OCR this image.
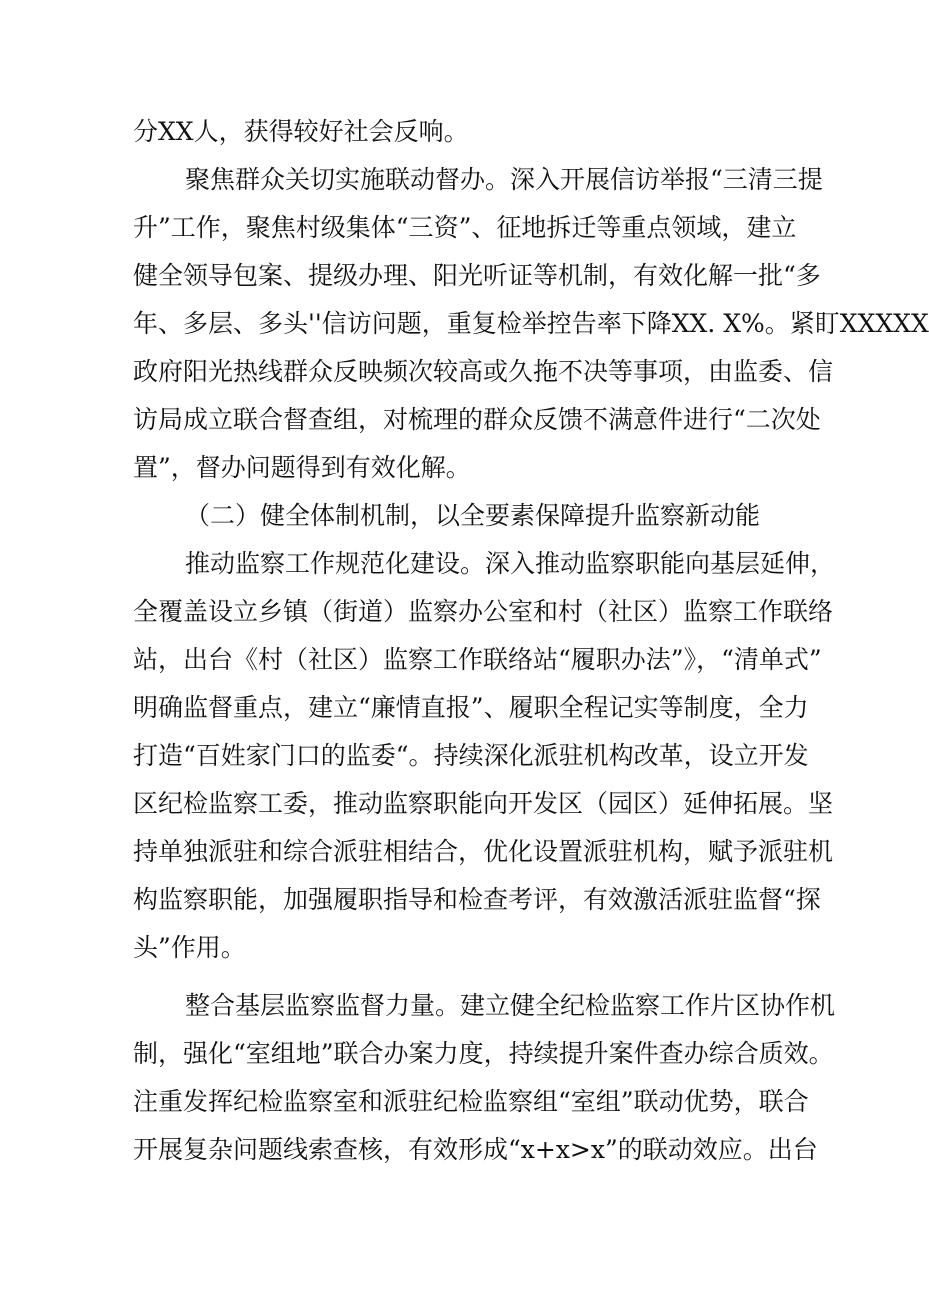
分XX人，获得较好社会反响。
聚焦群众关切实施联动督办。深入开展信访举报“三清三提
升”工作，聚焦村级集体“三资”、征地拆迁等重点领域，建立
健全领导包案、提级办理、阳光听证等机制，有效化解一批“多
年、多层、多头''信访问题，重复检举控告率下降XX. X%。紧盯XXXXX
政府阳光热线群众反映频次较高或久拖不决等事项，由监委、信
访局成立联合督查组，对梳理的群众反馈不满意件进行“二次处
置”，督办问题得到有效化解。
（二）健全体制机制，以全要素保障提升监察新动能
推动监察工作规范化建设。深入推动监察职能向基层延伸，
全覆盖设立乡镇（街道）监察办公室和村（社区）监察工作联络
站，出台《村（社区）监察工作联络站“履职办法”》，“清单式”
明确监督重点，建立“廉情直报”、履职全程记实等制度，全力
打造“百姓家门口的监委“。持续深化派驻机构改革，设立开发
区纪检监察工委，推动监察职能向开发区（园区）延伸拓展。坚
持单独派驻和综合派驻相结合，优化设置派驻机构，赋予派驻机
构监察职能，加强履职指导和检查考评，有效激活派驻监督“探
头”作用。
整合基层监察监督力量。建立健全纪检监察工作片区协作机
制，强化“室组地”联合办案力度，持续提升案件查办综合质效。
注重发挥纪检监察室和派驻纪检监察组“室组”联动优势，联合
开展复杂问题线索查核，有效形成“x+x>x”的联动效应。出台
